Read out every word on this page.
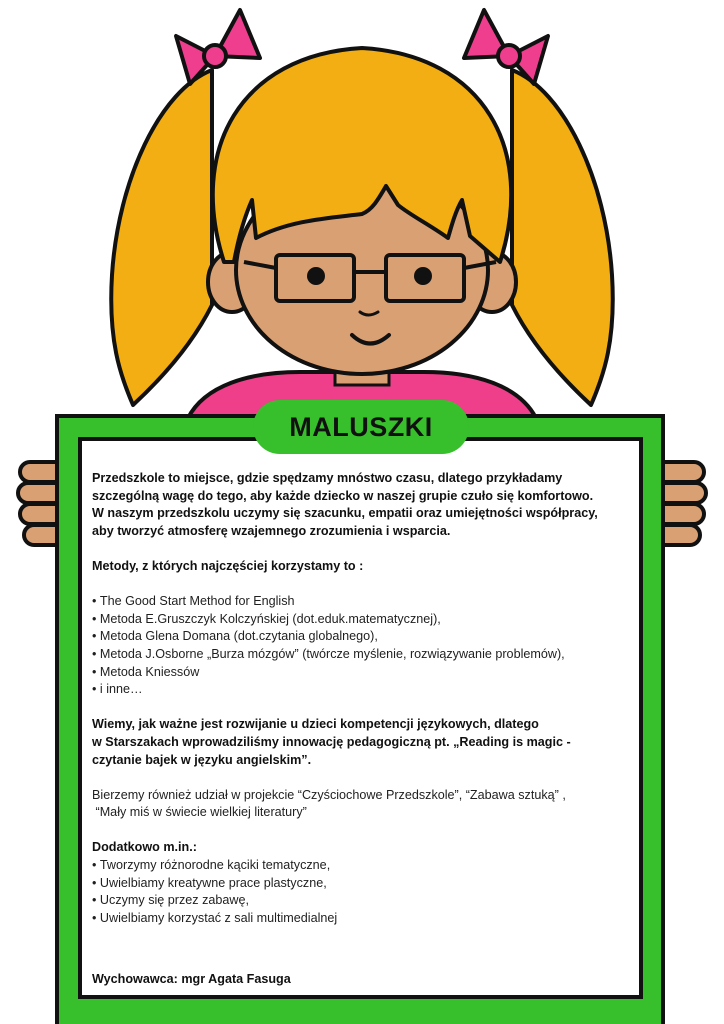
MALUSZKI

Przedszkole to miejsce, gdzie spędzamy mnóstwo czasu, dlatego przykładamy

szczególną wagę do tego, aby każde dziecko w naszej grupie czuło się komfortowo.

W naszym przedszkolu uczymy się szacunku, empatii oraz umiejętności współpracy,

aby tworzyć atmosferę wzajemnego zrozumienia i wsparcia.

Metody, z których najczęściej korzystamy to :

• The Good Start Method for English
• Metoda E.Gruszczyk Kolczyńskiej (dot.eduk.matematycznej),
• Metoda Glena Domana (dot.czytania globalnego),
• Metoda J.Osborne „Burza mózgów” (twórcze myślenie, rozwiązywanie problemów),
• Metoda Kniessów
• i inne…

Wiemy, jak ważne jest rozwijanie u dzieci kompetencji językowych, dlatego

w Starszakach wprowadziliśmy innowację pedagogiczną pt. „Reading is magic -

czytanie bajek w języku angielskim”.

Bierzemy również udział w projekcie “Czyściochowe Przedszkole”, “Zabawa sztuką” ,

“Mały miś w świecie wielkiej literatury”

Dodatkowo m.in.:

• Tworzymy różnorodne kąciki tematyczne,
• Uwielbiamy kreatywne prace plastyczne,
• Uczymy się przez zabawę,
• Uwielbiamy korzystać z sali multimedialnej
Wychowawca: mgr Agata Fasuga
